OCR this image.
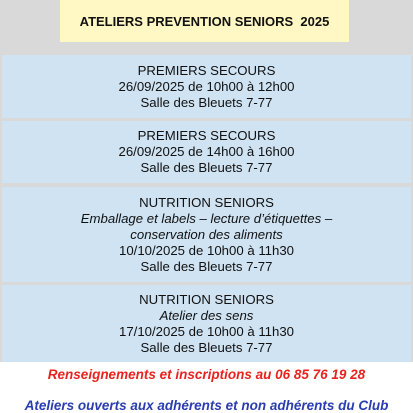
ATELIERS PREVENTION SENIORS  2025
PREMIERS SECOURS
26/09/2025 de 10h00 à 12h00
Salle des Bleuets 7-77
PREMIERS SECOURS
26/09/2025 de 14h00 à 16h00
Salle des Bleuets 7-77
NUTRITION SENIORS
Emballage et labels – lecture d’étiquettes –
conservation des aliments
10/10/2025 de 10h00 à 11h30
Salle des Bleuets 7-77
NUTRITION SENIORS
Atelier des sens
17/10/2025 de 10h00 à 11h30
Salle des Bleuets 7-77
Renseignements et inscriptions au 06 85 76 19 28
Ateliers ouverts aux adhérents et non adhérents du Club
